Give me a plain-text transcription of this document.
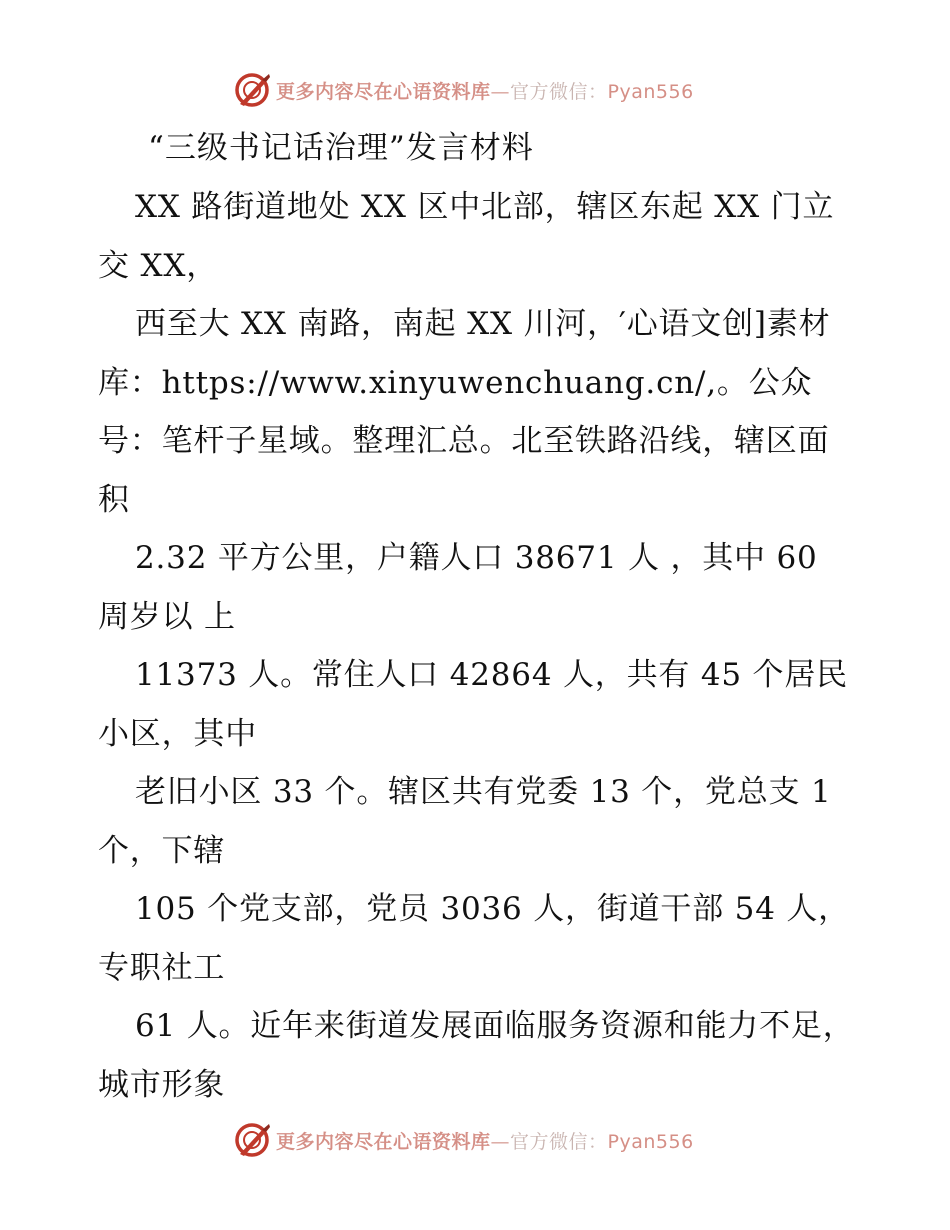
更多内容尽在心语资料库—官方微信：Pyan556
“三级书记话治理”发言材料

XX 路街道地处 XX 区中北部，辖区东起 XX 门立交 XX，

西至大 XX 南路，南起 XX 川河，′心语文创]素材库：https://www.xinyuwenchuang.cn/,。公众号：笔杆子星域。整理汇总。北至铁路沿线，辖区面积

2.32 平方公里，户籍人口 38671 人 ，其中 60 周岁以 上

11373 人。常住人口 42864 人，共有 45 个居民小区，其中

老旧小区 33 个。辖区共有党委 13 个，党总支 1个，下辖

105 个党支部，党员 3036 人，街道干部 54 人，专职社工

61 人。近年来街道发展面临服务资源和能力不足，城市形象

更多内容尽在心语资料库—官方微信：Pyan556
